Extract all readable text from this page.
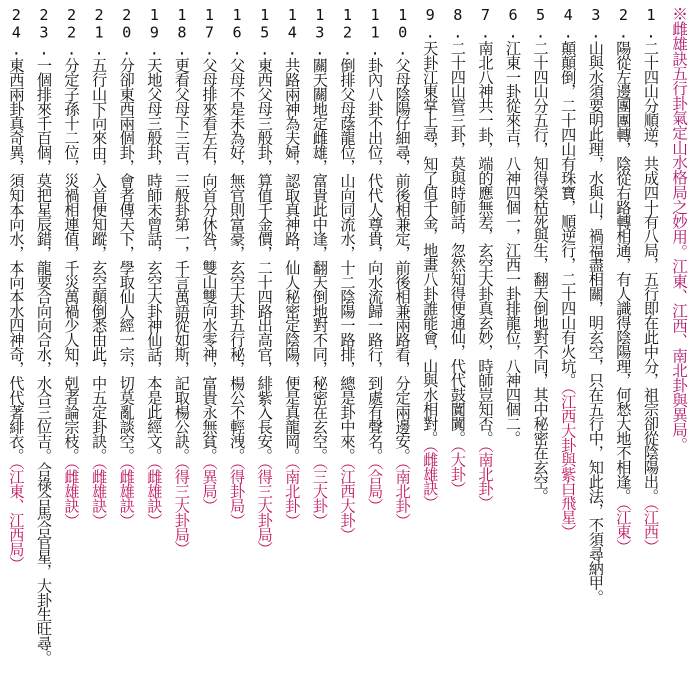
※雌雄訣五行卦氣定山水格局之妙用。江東、江西、南北卦與異局。
1.二十四山分順逆，共成四十有八局，五行即在此中分，祖宗卻從陰陽出。（ 江西 ）
2.陽從左邊團團轉，陰從右路轉相通，有人識得陰陽理，何愁大地不相逢。（ 江東 ）
3.山與水須要明此理，水與山，禍福盡相關，明玄空，只在五行中，知此法，不須尋納甲。
4.顛顛倒，二十四山有珠寶，順逆行，二十四山有火坑。（ 江西大卦與紫白飛星 ）
5.二十四山分五行，知得榮枯死與生，翻天倒地對不同，其中秘密在玄空。
6.江東一卦從來吉，八神四個一，江西一卦排龍位，八神四個二。
7.南北八神共一卦，端的應無差，玄空大卦真玄妙，時師豈知否。（ 南北卦 ）
8.二十四山管三卦，莫與時師話，忽然知得便通仙，代代鼓闐闐。（ 大卦 ）
9.天卦江東掌上尋，知了值千金，地畫八卦誰能會，山與水相對。（ 雌雄訣 ）
10.父母陰陽仔細尋，前後相兼定，前後相兼兩路看，分定兩邊安。（ 南北卦 ）
11.卦內八卦不出位，代代人尊貴，向水流歸一路行，到處有聲名。（ 合局 ）
12.倒排父母蔭龍位，山向同流水，十二陰陽一路排，總是卦中來。（ 江西大卦 ）
13.關天關地定雌雄，富貴此中逢，翻天倒地對不同，秘密在玄空。（ 三大卦 ）
14.共路兩神為夫婦，認取真神路，仙人秘密定陰陽，便是真龍岡。（ 南北卦 ）
15.東西父母三般卦，算值千金價，二十四路出高官，緋紫入長安。（ 得三大卦局 ）
16.父母不是未為好，無官則富豪，玄空大卦五行秘，楊公不輕洩。（ 得卦局 ）
17.父母排來看左右，向首分休咎，雙山雙向水零神，富貴永無貧。（ 異局 ）
18.更看父母下三吉，三般卦第一，千言萬語從如斯，記取楊公訣。（ 得三大卦局 ）
19.天地父母三般卦，時師未曾話，玄空大卦神仙話，本是此經文。（ 雌雄訣 ）
20.分卻東西兩個卦，會者傳天下，學取仙人經一宗，切莫亂談空。（ 雌雄訣 ）
21.五行山下向來由，入首便知蹤，玄空顛倒悉由此，中五定卦訣。（ 雌雄訣 ）
22.分定子孫十二位，災禍相連值，千災萬禍少人知，剋者論宗枝。（ 雌雄訣 ）
23.一個排來千百個，莫把星辰錯，龍要合向向合水，水合三位吉。合祿合馬合官星，大卦生旺尋。
24.東西兩卦真奇異，須知本向水，本向本水四神奇，代代著緋衣。（ 江東、江西局 ）
